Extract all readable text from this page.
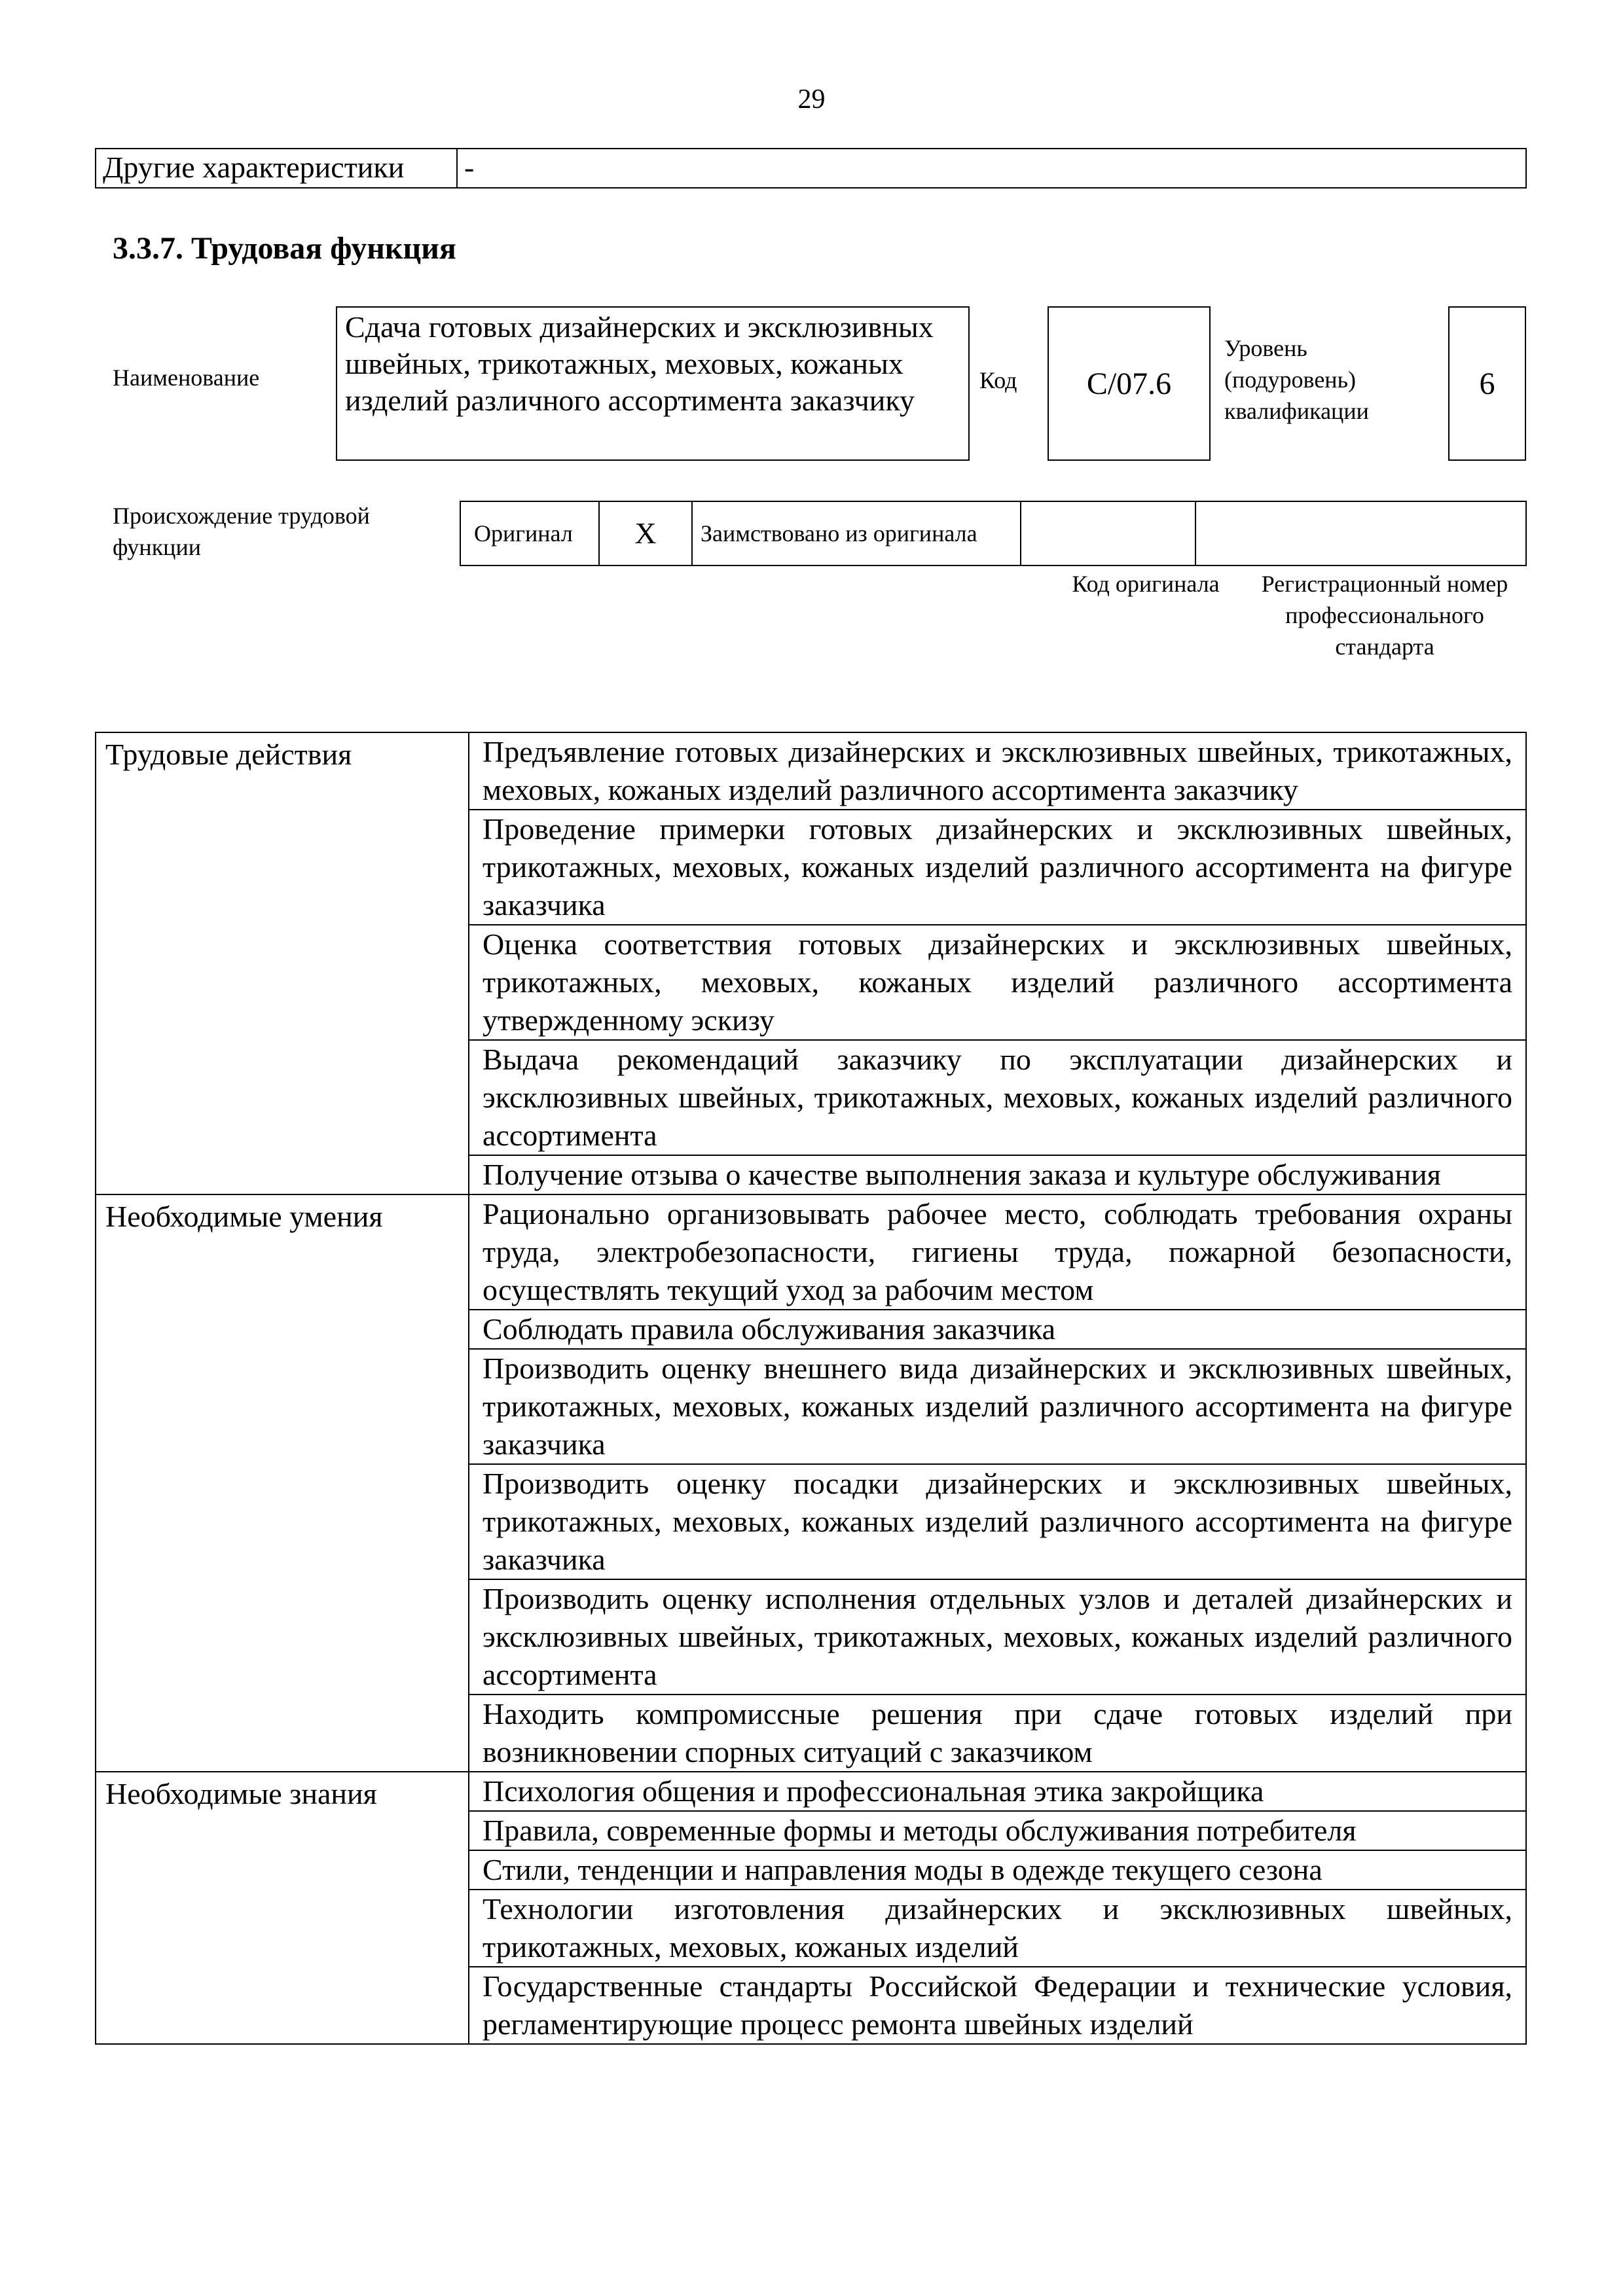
29
Другие характеристики	-
3.3.7. Трудовая функция
Наименование
Сдача готовых дизайнерских и эксклюзивных швейных, трикотажных, меховых, кожаных изделий различного ассортимента заказчику
Код	C/07.6
Уровень (подуровень) квалификации
6
Происхождение трудовой функции
Оригинал	X	Заимствовано из оригинала		
Код оригинала	Регистрационный номер профессионального стандарта
Трудовые действия	Предъявление готовых дизайнерских и эксклюзивных швейных, трикотажных, меховых, кожаных изделий различного ассортимента заказчику
	Проведение примерки готовых дизайнерских и эксклюзивных швейных, трикотажных, меховых, кожаных изделий различного ассортимента на фигуре заказчика
	Оценка соответствия готовых дизайнерских и эксклюзивных швейных, трикотажных, меховых, кожаных изделий различного ассортимента утвержденному эскизу
	Выдача рекомендаций заказчику по эксплуатации дизайнерских и эксклюзивных швейных, трикотажных, меховых, кожаных изделий различного ассортимента
	Получение отзыва о качестве выполнения заказа и культуре обслуживания
Необходимые умения	Рационально организовывать рабочее место, соблюдать требования охраны труда, электробезопасности, гигиены труда, пожарной безопасности, осуществлять текущий уход за рабочим местом
	Соблюдать правила обслуживания заказчика
	Производить оценку внешнего вида дизайнерских и эксклюзивных швейных, трикотажных, меховых, кожаных изделий различного ассортимента на фигуре заказчика
	Производить оценку посадки дизайнерских и эксклюзивных швейных, трикотажных, меховых, кожаных изделий различного ассортимента на фигуре заказчика
	Производить оценку исполнения отдельных узлов и деталей дизайнерских и эксклюзивных швейных, трикотажных, меховых, кожаных изделий различного ассортимента
	Находить компромиссные решения при сдаче готовых изделий при возникновении спорных ситуаций с заказчиком
Необходимые знания	Психология общения и профессиональная этика закройщика
	Правила, современные формы и методы обслуживания потребителя
	Стили, тенденции и направления моды в одежде текущего сезона
	Технологии изготовления дизайнерских и эксклюзивных швейных, трикотажных, меховых, кожаных изделий
	Государственные стандарты Российской Федерации и технические условия, регламентирующие процесс ремонта швейных изделий
